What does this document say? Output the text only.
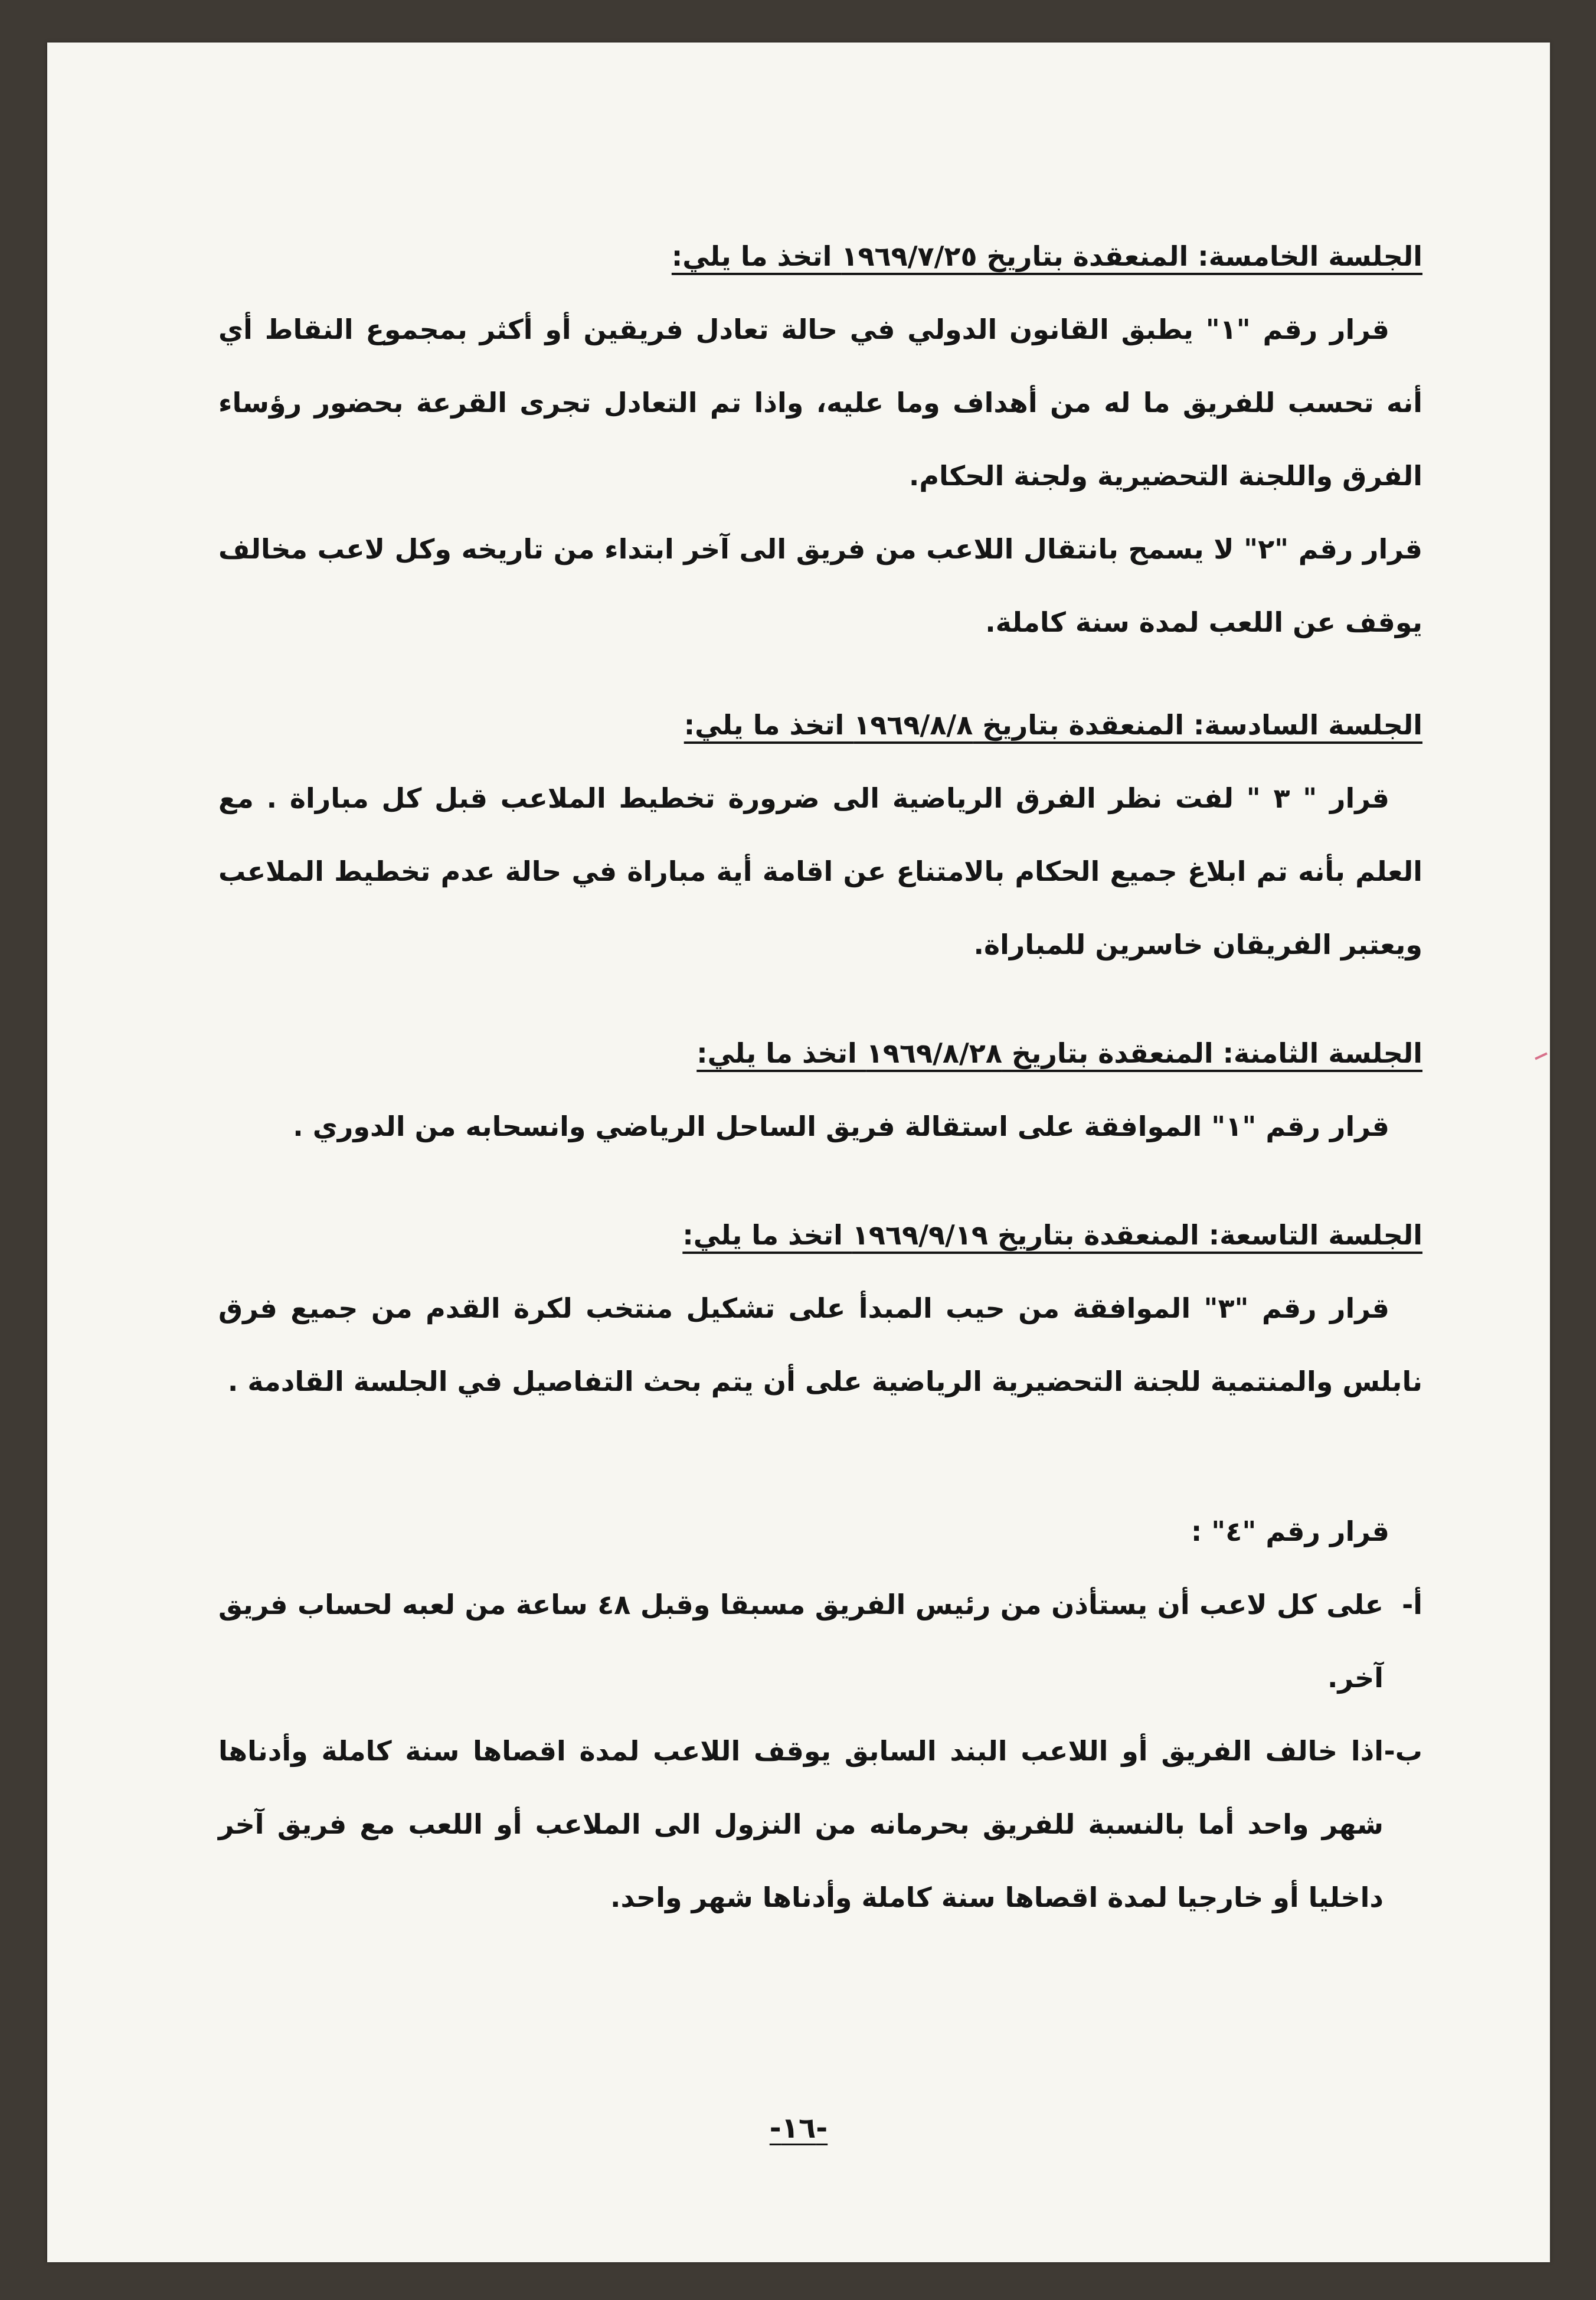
الجلسة الخامسة: المنعقدة بتاريخ ١٩٦٩/٧/٢٥ اتخذ ما يلي:
قرار رقم "١" يطبق القانون الدولي في حالة تعادل فريقين أو أكثر بمجموع النقاط أي أنه تحسب للفريق ما له من أهداف وما عليه، واذا تم التعادل تجرى القرعة بحضور رؤساء الفرق واللجنة التحضيرية ولجنة الحكام.
قرار رقم "٢" لا يسمح بانتقال اللاعب من فريق الى آخر ابتداء من تاريخه وكل لاعب مخالف يوقف عن اللعب لمدة سنة كاملة.
الجلسة السادسة: المنعقدة بتاريخ ١٩٦٩/٨/٨ اتخذ ما يلي:
قرار " ٣ " لفت نظر الفرق الرياضية الى ضرورة تخطيط الملاعب قبل كل مباراة . مع العلم بأنه تم ابلاغ جميع الحكام بالامتناع عن اقامة أية مباراة في حالة عدم تخطيط الملاعب ويعتبر الفريقان خاسرين للمباراة.
الجلسة الثامنة: المنعقدة بتاريخ ١٩٦٩/٨/٢٨ اتخذ ما يلي:
قرار رقم "١" الموافقة على استقالة فريق الساحل الرياضي وانسحابه من الدوري .
الجلسة التاسعة: المنعقدة بتاريخ ١٩٦٩/٩/١٩ اتخذ ما يلي:
قرار رقم "٣" الموافقة من حيب المبدأ على تشكيل منتخب لكرة القدم من جميع فرق نابلس والمنتمية للجنة التحضيرية الرياضية على أن يتم بحث التفاصيل في الجلسة القادمة .
قرار رقم "٤" :
أ-
على كل لاعب أن يستأذن من رئيس الفريق مسبقا وقبل ٤٨ ساعة من لعبه لحساب فريق آخر.
ب-
اذا خالف الفريق أو اللاعب البند السابق يوقف اللاعب لمدة اقصاها سنة كاملة وأدناها شهر واحد أما بالنسبة للفريق بحرمانه من النزول الى الملاعب أو اللعب مع فريق آخر داخليا أو خارجيا لمدة اقصاها سنة كاملة وأدناها شهر واحد.
-١٦-
